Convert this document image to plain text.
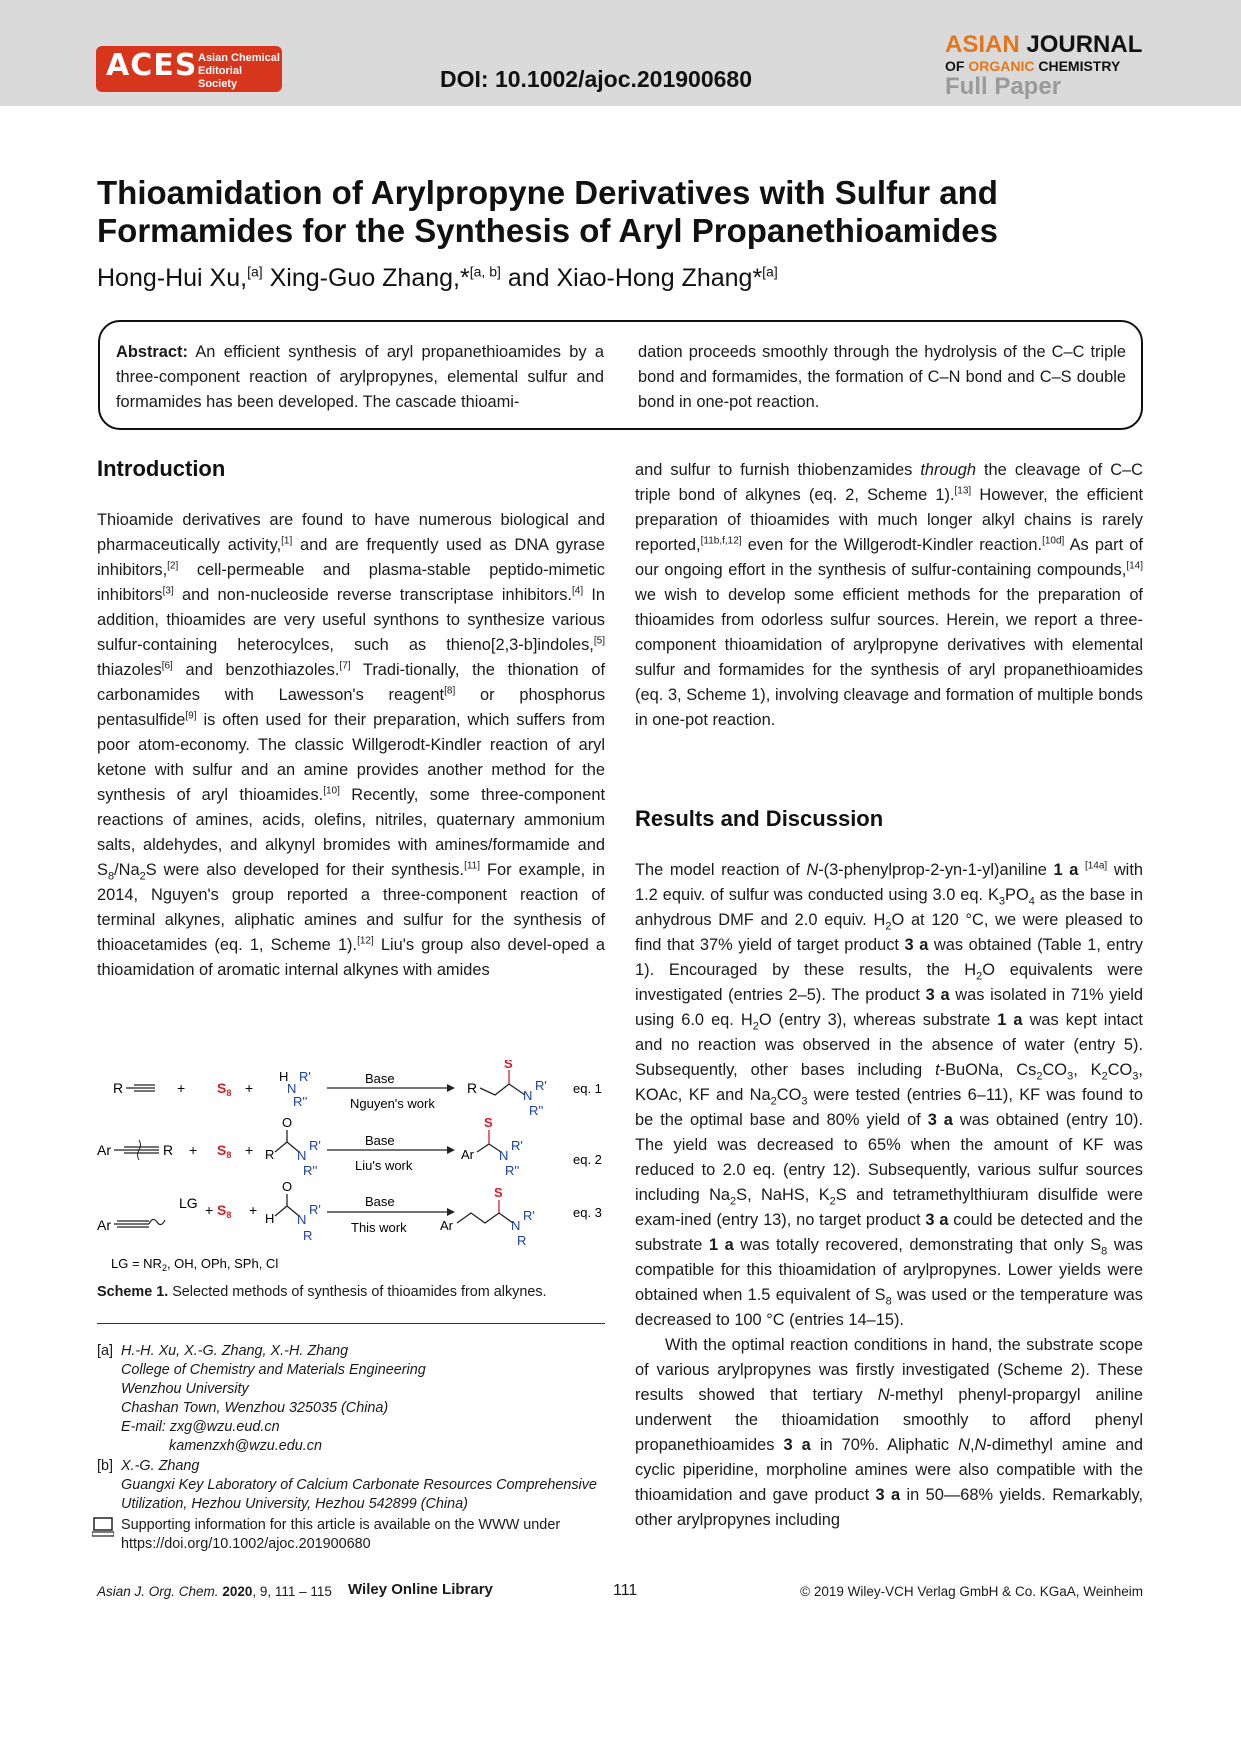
ACES Asian Chemical
Editorial Society	DOI: 10.1002/ajoc.201900680
ASIAN JOURNAL
OF ORGANIC CHEMISTRY
Full Paper
Thioamidation of Arylpropyne Derivatives with Sulfur and
Formamides for the Synthesis of Aryl Propanethioamides
Hong-Hui Xu,[a] Xing-Guo Zhang,*[a, b] and Xiao-Hong Zhang*[a]
Abstract: An efficient synthesis of aryl propanethioamides by a three-component reaction of arylpropynes, elemental sulfur and formamides has been developed. The cascade thioami-
dation proceeds smoothly through the hydrolysis of the C–C triple bond and formamides, the formation of C–N bond and C–S double bond in one-pot reaction.
Introduction

Thioamide derivatives are found to have numerous biological and pharmaceutically activity,[1] and are frequently used as DNA gyrase inhibitors,[2] cell-permeable and plasma-stable peptido-mimetic inhibitors[3] and non-nucleoside reverse transcriptase inhibitors.[4] In addition, thioamides are very useful synthons to synthesize various sulfur-containing heterocylces, such as thieno[2,3-b]indoles,[5] thiazoles[6] and benzothiazoles.[7] Tradi-tionally, the thionation of carbonamides with Lawesson's reagent[8] or phosphorus pentasulfide[9] is often used for their preparation, which suffers from poor atom-economy. The classic Willgerodt-Kindler reaction of aryl ketone with sulfur and an amine provides another method for the synthesis of aryl thioamides.[10] Recently, some three-component reactions of amines, acids, olefins, nitriles, quaternary ammonium salts, aldehydes, and alkynyl bromides with amines/formamide and $S_8/Na_2S$ were also developed for their synthesis.[11] For example, in 2014, Nguyen's group reported a three-component reaction of terminal alkynes, aliphatic amines and sulfur for the synthesis of thioacetamides (eq. 1, Scheme 1).[12] Liu's group also devel-oped a thioamidation of aromatic internal alkynes with amides

R	+ $S_8$ +
H
N
R'
R''
Base
Nguyen's work
R
S
N
R'
R''
eq. 1
Ar	$R + S_8 + R$
O
N
R'
R''
Base
Liu's work
Ar
S
N
R'
R''
eq. 2
Ar
LG + $S_8$ +
H
O
N
R'
R
Base
This work	Ar
S
N
R'
R
eq. 3
LG = $NR_2$, OH, OPh, SPh, Cl
Scheme 1. Selected methods of synthesis of thioamides from alkynes.
[a] H.-H. Xu, X.-G. Zhang, X.-H. Zhang
College of Chemistry and Materials Engineering
Wenzhou University
Chashan Town, Wenzhou 325035 (China)
E-mail: zxg@wzu.eud.cn
kamenzxh@wzu.edu.cn
[b] X.-G. Zhang
Guangxi Key Laboratory of Calcium Carbonate Resources Comprehensive
Utilization, Hezhou University, Hezhou 542899 (China)
Supporting information for this article is available on the WWW under
https://doi.org/10.1002/ajoc.201900680

and sulfur to furnish thiobenzamides through the cleavage of C–C triple bond of alkynes (eq. 2, Scheme 1).[13] However, the efficient preparation of thioamides with much longer alkyl chains is rarely reported,[11b,f,12] even for the Willgerodt-Kindler reaction.[10d] As part of our ongoing effort in the synthesis of sulfur-containing compounds,[14] we wish to develop some efficient methods for the preparation of thioamides from odorless sulfur sources. Herein, we report a three-component thioamidation of arylpropyne derivatives with elemental sulfur and formamides for the synthesis of aryl propanethioamides (eq. 3, Scheme 1), involving cleavage and formation of multiple bonds in one-pot reaction.

Results and Discussion

The model reaction of N-(3-phenylprop-2-yn-1-yl)aniline 1 a [14a] with 1.2 equiv. of sulfur was conducted using 3.0 eq. $K_3PO_4$ as the base in anhydrous DMF and 2.0 equiv. $H_2O$ at 120 °C, we were pleased to find that 37% yield of target product 3 a was obtained (Table 1, entry 1). Encouraged by these results, the $H_2O$ equivalents were investigated (entries 2–5). The product 3 a was isolated in 71% yield using 6.0 eq. $H_2O$ (entry 3), whereas substrate 1 a was kept intact and no reaction was observed in the absence of water (entry 5). Subsequently, other bases including t-BuONa, $Cs_2CO_3$, $K_2CO_3$, KOAc, KF and $Na_2CO_3$ were tested (entries 6–11), KF was found to be the optimal base and 80% yield of 3 a was obtained (entry 10). The yield was decreased to 65% when the amount of KF was reduced to 2.0 eq. (entry 12). Subsequently, various sulfur sources including $Na_2S$, NaHS, $K_2S$ and tetramethylthiuram disulfide were exam-ined (entry 13), no target product 3 a could be detected and the substrate 1 a was totally recovered, demonstrating that only $S_8$ was compatible for this thioamidation of arylpropynes. Lower yields were obtained when 1.5 equivalent of $S_8$ was used or the temperature was decreased to 100 °C (entries 14–15).

With the optimal reaction conditions in hand, the substrate scope of various arylpropynes was firstly investigated (Scheme 2). These results showed that tertiary N-methyl phenyl-propargyl aniline underwent the thioamidation smoothly to afford phenyl propanethioamides 3 a in 70%. Aliphatic N,N-dimethyl amine and cyclic piperidine, morpholine amines were also compatible with the thioamidation and gave product 3 a in 50—68% yields. Remarkably, other arylpropynes including

Asian J. Org. Chem. 2020, 9, 111 – 115 Wiley Online Library	111	© 2019 Wiley-VCH Verlag GmbH & Co. KGaA, Weinheim
